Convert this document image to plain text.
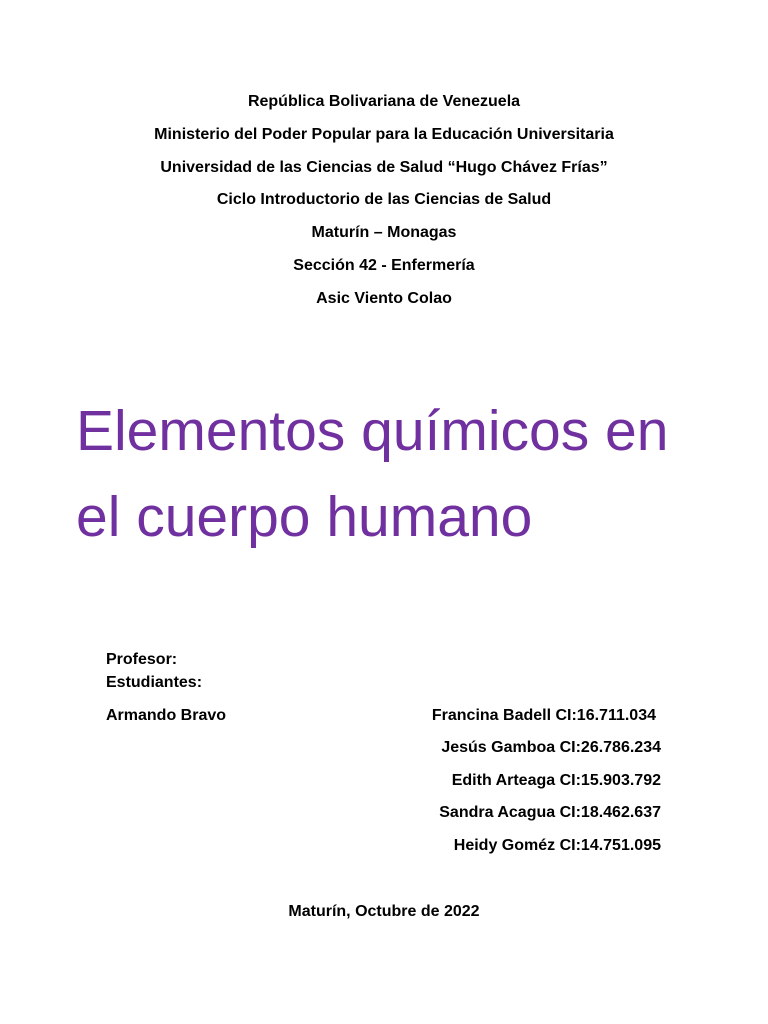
República Bolivariana de Venezuela
Ministerio del Poder Popular para la Educación Universitaria
Universidad de las Ciencias de Salud “Hugo Chávez Frías”
Ciclo Introductorio de las Ciencias de Salud
Maturín – Monagas
Sección 42 - Enfermería
Asic Viento Colao
Elementos químicos en
el cuerpo humano
Profesor:
Estudiantes:
Armando Bravo	Francina Badell CI:16.711.034
Jesús Gamboa CI:26.786.234
Edith Arteaga CI:15.903.792
Sandra Acagua CI:18.462.637
Heidy Goméz CI:14.751.095
Maturín, Octubre de 2022
